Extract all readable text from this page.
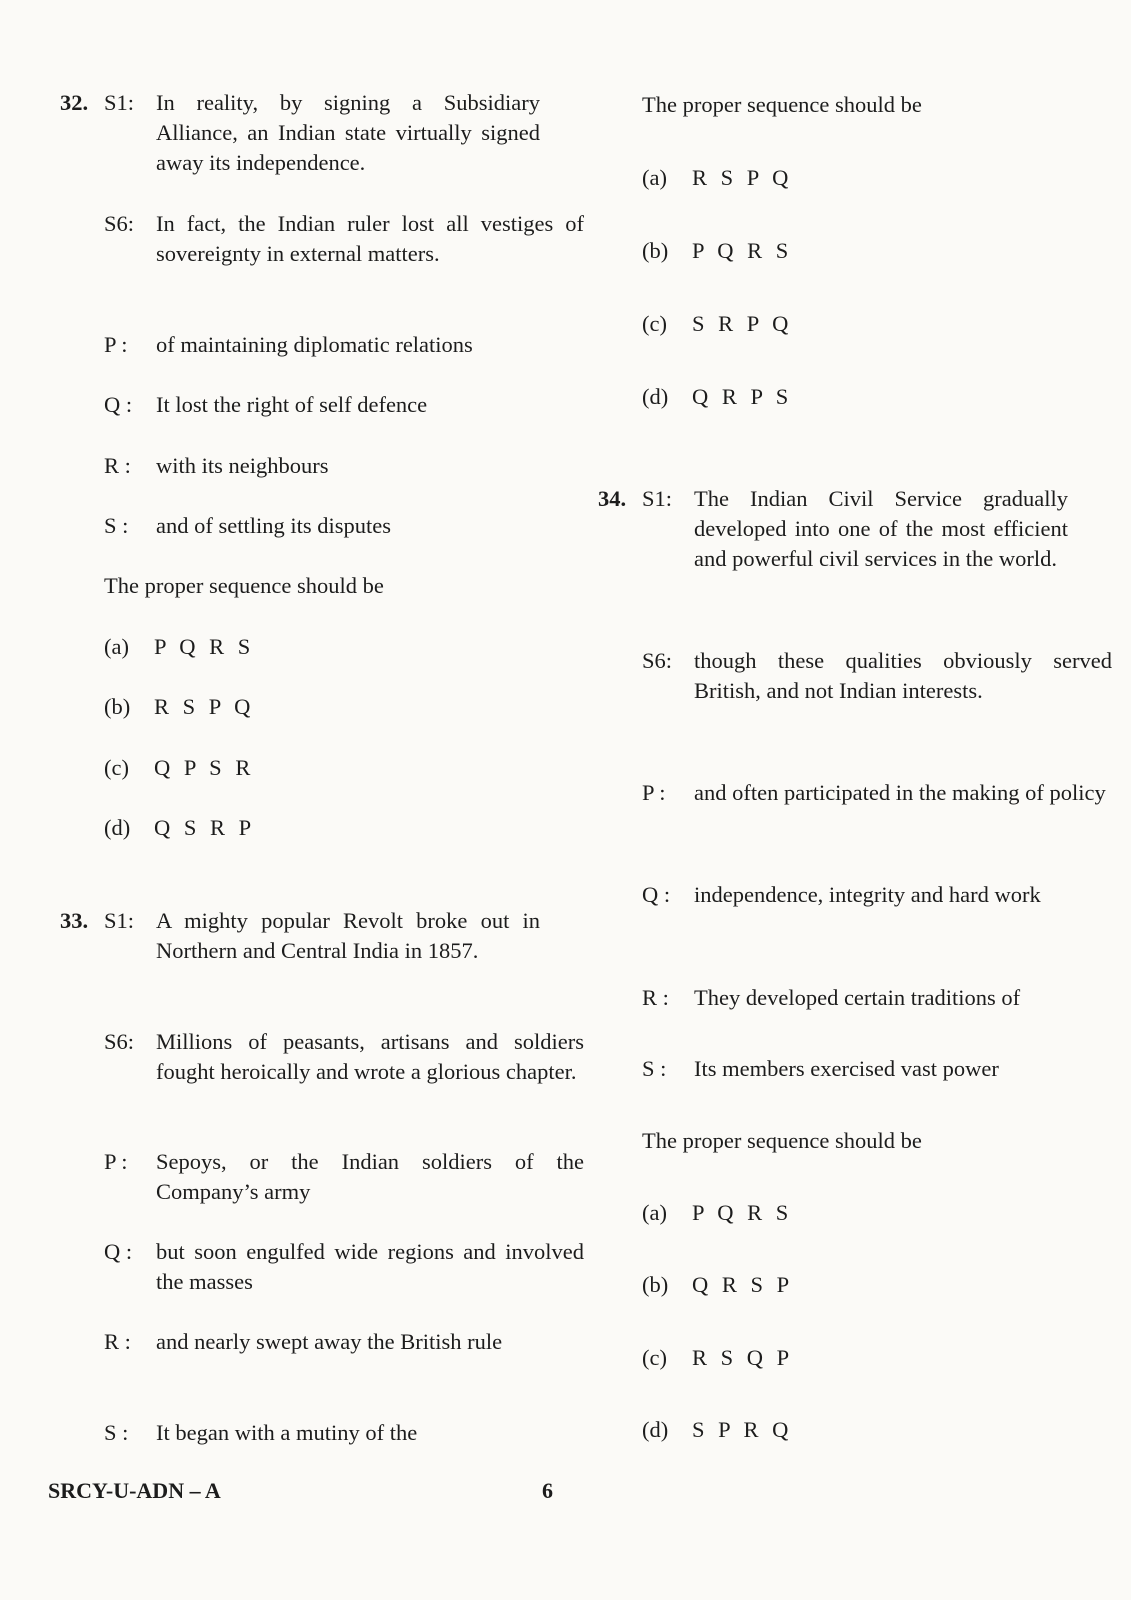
32. S1: In reality, by signing a Subsidiary Alliance, an Indian state virtually signed away its independence.
S6: In fact, the Indian ruler lost all vestiges of sovereignty in external matters.
P :	of maintaining diplomatic relations
Q :	It lost the right of self defence
R :	with its neighbours
S :	and of settling its disputes
The proper sequence should be
(a) P Q R S
(b) R S P Q
(c) Q P S R
(d) Q S R P
33. S1: A mighty popular Revolt broke out in Northern and Central India in 1857.
S6: Millions of peasants, artisans and soldiers fought heroically and wrote a glorious chapter.
P :	Sepoys, or the Indian soldiers of the Company’s army
Q :	but soon engulfed wide regions and involved the masses
R :	and nearly swept away the British rule
S :	It began with a mutiny of the
The proper sequence should be
(a) R S P Q
(b) P Q R S
(c) S R P Q
(d) Q R P S
34. S1: The Indian Civil Service gradually developed into one of the most efficient and powerful civil services in the world.
S6: though these qualities obviously served British, and not Indian interests.
P :	and often participated in the making of policy
Q :	independence, integrity and hard work
R :	They developed certain traditions of
S :	Its members exercised vast power
The proper sequence should be
(a) P Q R S
(b) Q R S P
(c) R S Q P
(d) S P R Q
SRCY-U-ADN – A	6
